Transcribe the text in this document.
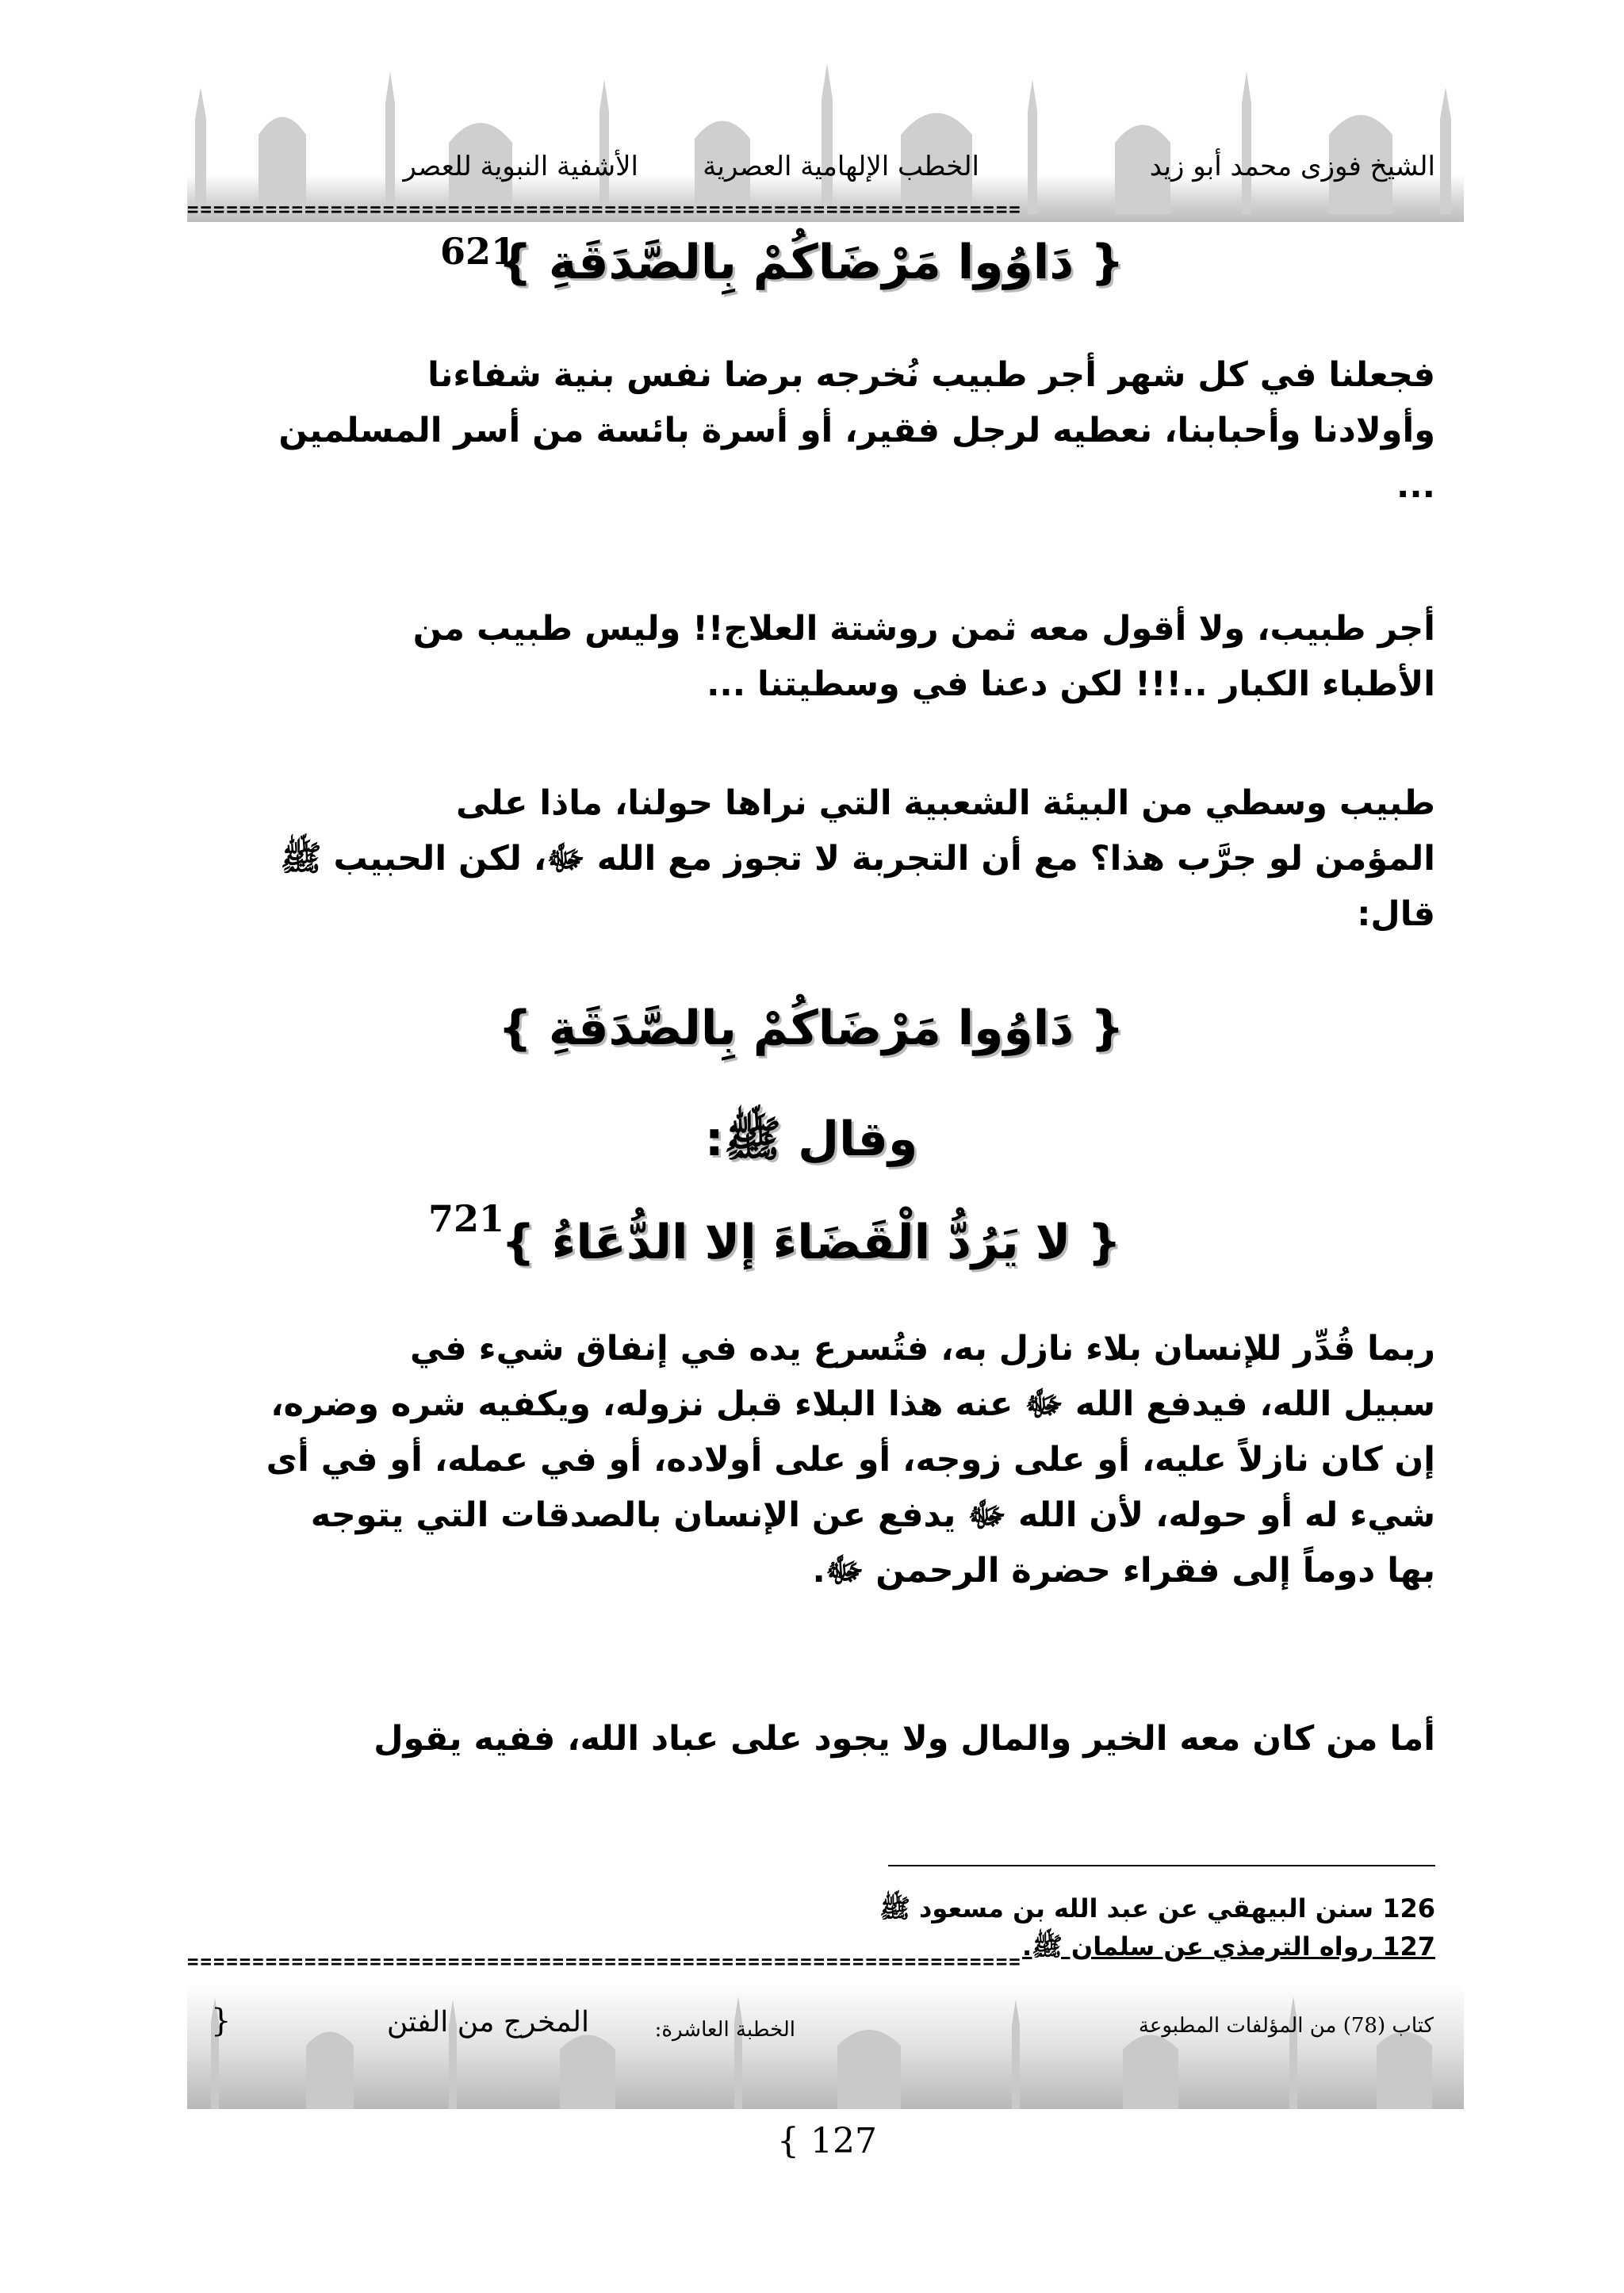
الشيخ فوزى محمد أبو زيد
الخطب الإلهامية العصرية
الأشفية النبوية للعصر
================================================================
{ دَاوُوا مَرْضَاكُمْ بِالصَّدَقَةِ }
621
فجعلنا في كل شهر أجر طبيب نُخرجه برضا نفس بنية شفاءنا
وأولادنا وأحبابنا، نعطيه لرجل فقير، أو أسرة بائسة من أسر المسلمين
...
أجر طبيب، ولا أقول معه ثمن روشتة العلاج!! وليس طبيب من
الأطباء الكبار ..!!! لكن دعنا في وسطيتنا ...
طبيب وسطي من البيئة الشعبية التي نراها حولنا، ماذا على
المؤمن لو جرَّب هذا؟ مع أن التجربة لا تجوز مع الله ﷻ، لكن الحبيب ﷺ
قال:
{ دَاوُوا مَرْضَاكُمْ بِالصَّدَقَةِ }
وقال ﷺ:
{ لا يَرُدُّ الْقَضَاءَ إلا الدُّعَاءُ }
721
ربما قُدِّر للإنسان بلاء نازل به، فتُسرع يده في إنفاق شيء في
سبيل الله، فيدفع الله ﷻ عنه هذا البلاء قبل نزوله، ويكفيه شره وضره،
إن كان نازلاً عليه، أو على زوجه، أو على أولاده، أو في عمله، أو في أى
شيء له أو حوله، لأن الله ﷻ يدفع عن الإنسان بالصدقات التي يتوجه
بها دوماً إلى فقراء حضرة الرحمن ﷻ.
أما من كان معه الخير والمال ولا يجود على عباد الله، ففيه يقول
126 سنن البيهقي عن عبد الله بن مسعود ﷺ
127 رواه الترمذي عن سلمان ﷺ.
================================================================
كتاب (78) من المؤلفات المطبوعة
الخطبة العاشرة:
المخرج من الفتن
{
{ 127
